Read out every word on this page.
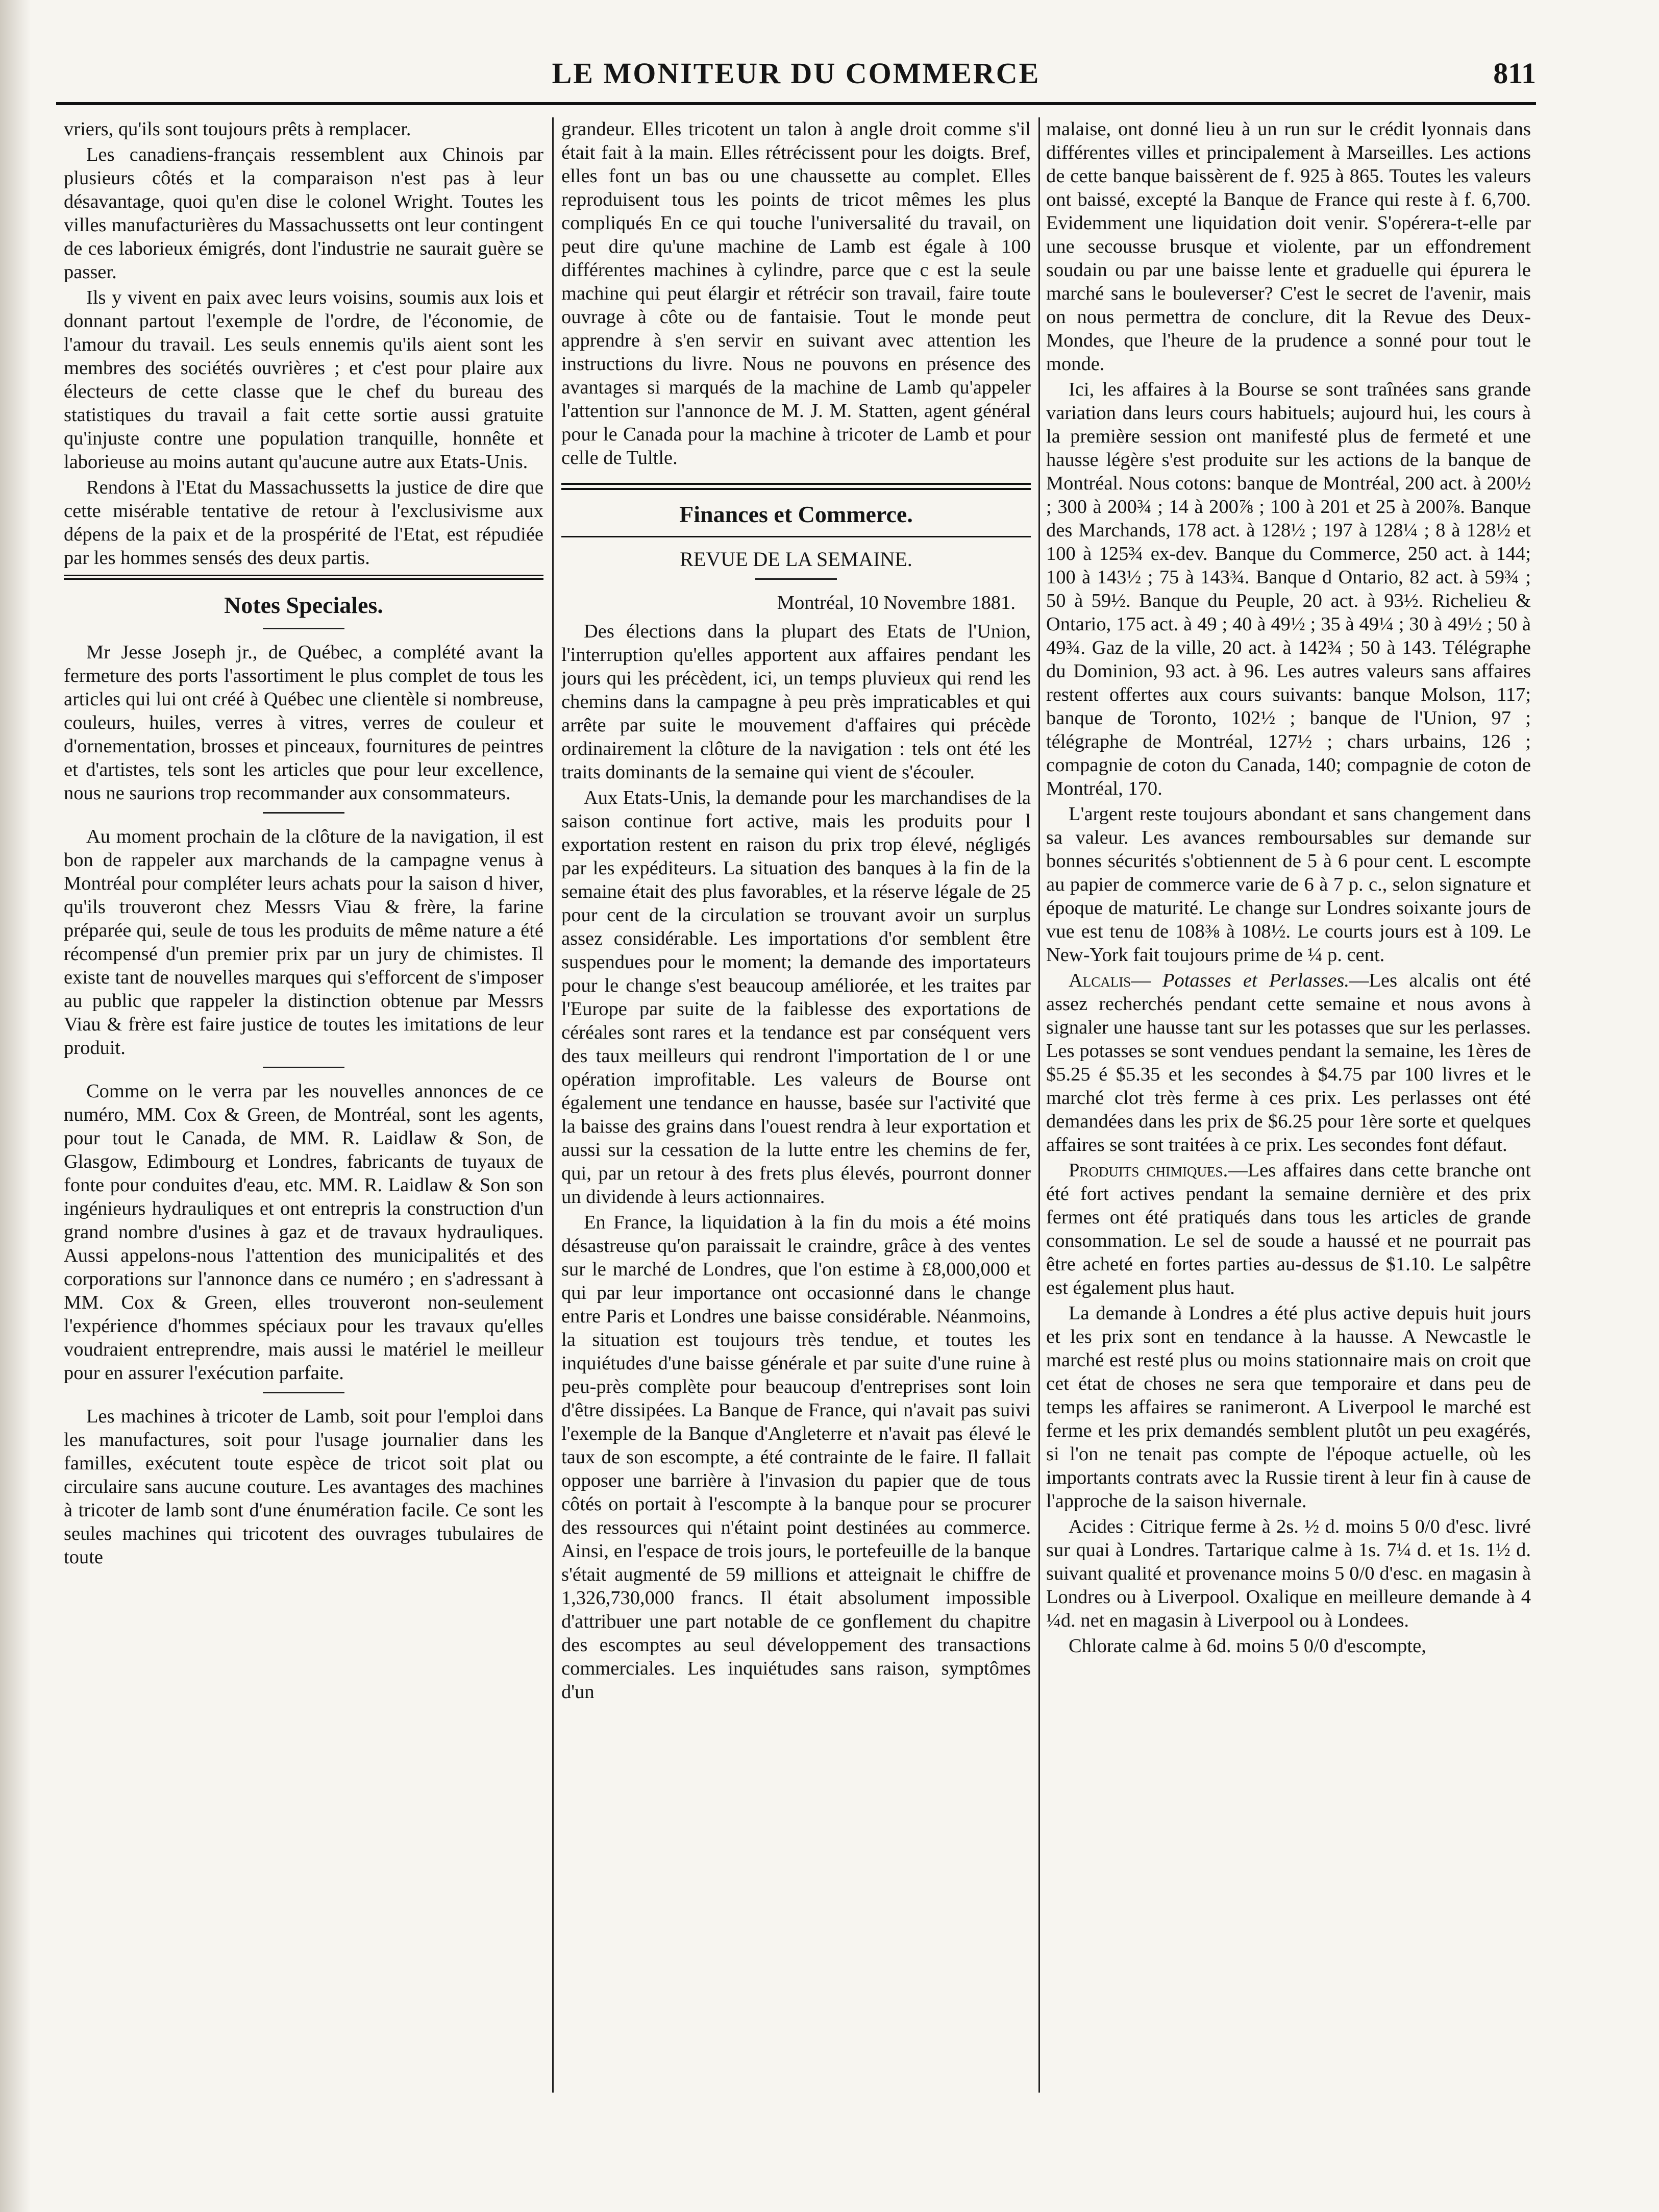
LE MONITEUR DU COMMERCE	811

vriers, qu'ils sont toujours prêts à remplacer.

Les canadiens-français ressemblent aux Chinois par plusieurs côtés et la comparaison n'est pas à leur désavantage, quoi qu'en dise le colonel Wright. Toutes les villes manufacturières du Massachussetts ont leur contingent de ces laborieux émigrés, dont l'industrie ne saurait guère se passer.

Ils y vivent en paix avec leurs voisins, soumis aux lois et donnant partout l'exemple de l'ordre, de l'économie, de l'amour du travail. Les seuls ennemis qu'ils aient sont les membres des sociétés ouvrières ; et c'est pour plaire aux électeurs de cette classe que le chef du bureau des statistiques du travail a fait cette sortie aussi gratuite qu'injuste contre une population tranquille, honnête et laborieuse au moins autant qu'aucune autre aux Etats-Unis.

Rendons à l'Etat du Massachussetts la justice de dire que cette misérable tentative de retour à l'exclusivisme aux dépens de la paix et de la prospérité de l'Etat, est répudiée par les hommes sensés des deux partis.

Notes Speciales.

Mr Jesse Joseph jr., de Québec, a complété avant la fermeture des ports l'assortiment le plus complet de tous les articles qui lui ont créé à Québec une clientèle si nombreuse, couleurs, huiles, verres à vitres, verres de couleur et d'ornementation, brosses et pinceaux, fournitures de peintres et d'artistes, tels sont les articles que pour leur excellence, nous ne saurions trop recommander aux consommateurs.

Au moment prochain de la clôture de la navigation, il est bon de rappeler aux marchands de la campagne venus à Montréal pour compléter leurs achats pour la saison d hiver, qu'ils trouveront chez Messrs Viau & frère, la farine préparée qui, seule de tous les produits de même nature a été récompensé d'un premier prix par un jury de chimistes. Il existe tant de nouvelles marques qui s'efforcent de s'imposer au public que rappeler la distinction obtenue par Messrs Viau & frère est faire justice de toutes les imitations de leur produit.

Comme on le verra par les nouvelles annonces de ce numéro, MM. Cox & Green, de Montréal, sont les agents, pour tout le Canada, de MM. R. Laidlaw & Son, de Glasgow, Edimbourg et Londres, fabricants de tuyaux de fonte pour conduites d'eau, etc. MM. R. Laidlaw & Son son ingénieurs hydrauliques et ont entrepris la construction d'un grand nombre d'usines à gaz et de travaux hydrauliques. Aussi appelons-nous l'attention des municipalités et des corporations sur l'annonce dans ce numéro ; en s'adressant à MM. Cox & Green, elles trouveront non-seulement l'expérience d'hommes spéciaux pour les travaux qu'elles voudraient entreprendre, mais aussi le matériel le meilleur pour en assurer l'exécution parfaite.

Les machines à tricoter de Lamb, soit pour l'emploi dans les manufactures, soit pour l'usage journalier dans les familles, exécutent toute espèce de tricot soit plat ou circulaire sans aucune couture. Les avantages des machines à tricoter de lamb sont d'une énumération facile. Ce sont les seules machines qui tricotent des ouvrages tubulaires de toute

grandeur. Elles tricotent un talon à angle droit comme s'il était fait à la main. Elles rétrécissent pour les doigts. Bref, elles font un bas ou une chaussette au complet. Elles reproduisent tous les points de tricot mêmes les plus compliqués En ce qui touche l'universalité du travail, on peut dire qu'une machine de Lamb est égale à 100 différentes machines à cylindre, parce que c est la seule machine qui peut élargir et rétrécir son travail, faire toute ouvrage à côte ou de fantaisie. Tout le monde peut apprendre à s'en servir en suivant avec attention les instructions du livre. Nous ne pouvons en présence des avantages si marqués de la machine de Lamb qu'appeler l'attention sur l'annonce de M. J. M. Statten, agent général pour le Canada pour la machine à tricoter de Lamb et pour celle de Tultle.

Finances et Commerce.
REVUE DE LA SEMAINE.
Montréal, 10 Novembre 1881.

Des élections dans la plupart des Etats de l'Union, l'interruption qu'elles apportent aux affaires pendant les jours qui les précèdent, ici, un temps pluvieux qui rend les chemins dans la campagne à peu près impraticables et qui arrête par suite le mouvement d'affaires qui précède ordinairement la clôture de la navigation : tels ont été les traits dominants de la semaine qui vient de s'écouler.

Aux Etats-Unis, la demande pour les marchandises de la saison continue fort active, mais les produits pour l exportation restent en raison du prix trop élevé, négligés par les expéditeurs. La situation des banques à la fin de la semaine était des plus favorables, et la réserve légale de 25 pour cent de la circulation se trouvant avoir un surplus assez considérable. Les importations d'or semblent être suspendues pour le moment; la demande des importateurs pour le change s'est beaucoup améliorée, et les traites par l'Europe par suite de la faiblesse des exportations de céréales sont rares et la tendance est par conséquent vers des taux meilleurs qui rendront l'importation de l or une opération improfitable. Les valeurs de Bourse ont également une tendance en hausse, basée sur l'activité que la baisse des grains dans l'ouest rendra à leur exportation et aussi sur la cessation de la lutte entre les chemins de fer, qui, par un retour à des frets plus élevés, pourront donner un dividende à leurs actionnaires.

En France, la liquidation à la fin du mois a été moins désastreuse qu'on paraissait le craindre, grâce à des ventes sur le marché de Londres, que l'on estime à £8,000,000 et qui par leur importance ont occasionné dans le change entre Paris et Londres une baisse considérable. Néanmoins, la situation est toujours très tendue, et toutes les inquiétudes d'une baisse générale et par suite d'une ruine à peu-près complète pour beaucoup d'entreprises sont loin d'être dissipées. La Banque de France, qui n'avait pas suivi l'exemple de la Banque d'Angleterre et n'avait pas élevé le taux de son escompte, a été contrainte de le faire. Il fallait opposer une barrière à l'invasion du papier que de tous côtés on portait à l'escompte à la banque pour se procurer des ressources qui n'étaint point destinées au commerce. Ainsi, en l'espace de trois jours, le portefeuille de la banque s'était augmenté de 59 millions et atteignait le chiffre de 1,326,730,000 francs. Il était absolument impossible d'attribuer une part notable de ce gonflement du chapitre des escomptes au seul développement des transactions commerciales. Les inquiétudes sans raison, symptômes d'un

malaise, ont donné lieu à un run sur le crédit lyonnais dans différentes villes et principalement à Marseilles. Les actions de cette banque baissèrent de f. 925 à 865. Toutes les valeurs ont baissé, excepté la Banque de France qui reste à f. 6,700. Evidemment une liquidation doit venir. S'opérera-t-elle par une secousse brusque et violente, par un effondrement soudain ou par une baisse lente et graduelle qui épurera le marché sans le bouleverser? C'est le secret de l'avenir, mais on nous permettra de conclure, dit la Revue des Deux-Mondes, que l'heure de la prudence a sonné pour tout le monde.

Ici, les affaires à la Bourse se sont traînées sans grande variation dans leurs cours habituels; aujourd hui, les cours à la première session ont manifesté plus de fermeté et une hausse légère s'est produite sur les actions de la banque de Montréal. Nous cotons: banque de Montréal, 200 act. à 200½ ; 300 à 200¾ ; 14 à 200⅞ ; 100 à 201 et 25 à 200⅞. Banque des Marchands, 178 act. à 128½ ; 197 à 128¼ ; 8 à 128½ et 100 à 125¾ ex-dev. Banque du Commerce, 250 act. à 144; 100 à 143½ ; 75 à 143¾. Banque d Ontario, 82 act. à 59¾ ; 50 à 59½. Banque du Peuple, 20 act. à 93½. Richelieu & Ontario, 175 act. à 49 ; 40 à 49½ ; 35 à 49¼ ; 30 à 49½ ; 50 à 49¾. Gaz de la ville, 20 act. à 142¾ ; 50 à 143. Télégraphe du Dominion, 93 act. à 96. Les autres valeurs sans affaires restent offertes aux cours suivants: banque Molson, 117; banque de Toronto, 102½ ; banque de l'Union, 97 ; télégraphe de Montréal, 127½ ; chars urbains, 126 ; compagnie de coton du Canada, 140; compagnie de coton de Montréal, 170.

L'argent reste toujours abondant et sans changement dans sa valeur. Les avances remboursables sur demande sur bonnes sécurités s'obtiennent de 5 à 6 pour cent. L escompte au papier de commerce varie de 6 à 7 p. c., selon signature et époque de maturité. Le change sur Londres soixante jours de vue est tenu de 108⅜ à 108½. Le courts jours est à 109. Le New-York fait toujours prime de ¼ p. cent.

Alcalis— Potasses et Perlasses.—Les alcalis ont été assez recherchés pendant cette semaine et nous avons à signaler une hausse tant sur les potasses que sur les perlasses. Les potasses se sont vendues pendant la semaine, les 1ères de $5.25 é $5.35 et les secondes à $4.75 par 100 livres et le marché clot très ferme à ces prix. Les perlasses ont été demandées dans les prix de $6.25 pour 1ère sorte et quelques affaires se sont traitées à ce prix. Les secondes font défaut.

Produits chimiques.—Les affaires dans cette branche ont été fort actives pendant la semaine dernière et des prix fermes ont été pratiqués dans tous les articles de grande consommation. Le sel de soude a haussé et ne pourrait pas être acheté en fortes parties au-dessus de $1.10. Le salpêtre est également plus haut.

La demande à Londres a été plus active depuis huit jours et les prix sont en tendance à la hausse. A Newcastle le marché est resté plus ou moins stationnaire mais on croit que cet état de choses ne sera que temporaire et dans peu de temps les affaires se ranimeront. A Liverpool le marché est ferme et les prix demandés semblent plutôt un peu exagérés, si l'on ne tenait pas compte de l'époque actuelle, où les importants contrats avec la Russie tirent à leur fin à cause de l'approche de la saison hivernale.

Acides : Citrique ferme à 2s. ½ d. moins 5 0/0 d'esc. livré sur quai à Londres. Tartarique calme à 1s. 7¼ d. et 1s. 1½ d. suivant qualité et provenance moins 5 0/0 d'esc. en magasin à Londres ou à Liverpool. Oxalique en meilleure demande à 4 ¼d. net en magasin à Liverpool ou à Londees.

Chlorate calme à 6d. moins 5 0/0 d'escompte,
